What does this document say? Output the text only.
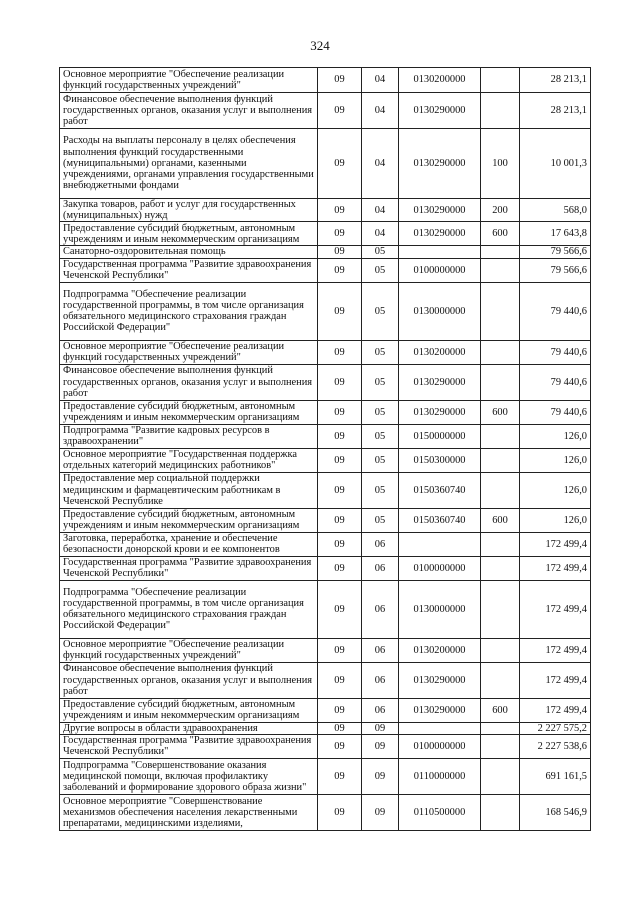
324
Основное мероприятие "Обеспечение реализации функций государственных учреждений"	09	04	0130200000		28 213,1
Финансовое обеспечение выполнения функций государственных органов, оказания услуг и выполнения работ	09	04	0130290000		28 213,1
Расходы на выплаты персоналу в целях обеспечения выполнения функций государственными (муниципальными) органами, казенными учреждениями, органами управления государственными внебюджетными фондами	09	04	0130290000	100	10 001,3
Закупка товаров, работ и услуг для государственных (муниципальных) нужд	09	04	0130290000	200	568,0
Предоставление субсидий бюджетным, автономным учреждениям и иным некоммерческим организациям	09	04	0130290000	600	17 643,8
Санаторно-оздоровительная помощь	09	05			79 566,6
Государственная программа "Развитие здравоохранения Чеченской Республики"	09	05	0100000000		79 566,6
Подпрограмма "Обеспечение реализации государственной программы, в том числе организация обязательного медицинского страхования граждан Российской Федерации"	09	05	0130000000		79 440,6
Основное мероприятие "Обеспечение реализации функций государственных учреждений"	09	05	0130200000		79 440,6
Финансовое обеспечение выполнения функций государственных органов, оказания услуг и выполнения работ	09	05	0130290000		79 440,6
Предоставление субсидий бюджетным, автономным учреждениям и иным некоммерческим организациям	09	05	0130290000	600	79 440,6
Подпрограмма "Развитие кадровых ресурсов в здравоохранении"	09	05	0150000000		126,0
Основное мероприятие "Государственная поддержка отдельных категорий медицинских работников"	09	05	0150300000		126,0
Предоставление мер социальной поддержки медицинским и фармацевтическим работникам в Чеченской Республике	09	05	0150360740		126,0
Предоставление субсидий бюджетным, автономным учреждениям и иным некоммерческим организациям	09	05	0150360740	600	126,0
Заготовка, переработка, хранение и обеспечение безопасности донорской крови и ее компонентов	09	06			172 499,4
Государственная программа "Развитие здравоохранения Чеченской Республики"	09	06	0100000000		172 499,4
Подпрограмма "Обеспечение реализации государственной программы, в том числе организация обязательного медицинского страхования граждан Российской Федерации"	09	06	0130000000		172 499,4
Основное мероприятие "Обеспечение реализации функций государственных учреждений"	09	06	0130200000		172 499,4
Финансовое обеспечение выполнения функций государственных органов, оказания услуг и выполнения работ	09	06	0130290000		172 499,4
Предоставление субсидий бюджетным, автономным учреждениям и иным некоммерческим организациям	09	06	0130290000	600	172 499,4
Другие вопросы в области здравоохранения	09	09			2 227 575,2
Государственная программа "Развитие здравоохранения Чеченской Республики"	09	09	0100000000		2 227 538,6
Подпрограмма "Совершенствование оказания медицинской помощи, включая профилактику заболеваний и формирование здорового образа жизни"	09	09	0110000000		691 161,5
Основное мероприятие "Совершенствование механизмов обеспечения населения лекарственными препаратами, медицинскими изделиями,	09	09	0110500000		168 546,9
